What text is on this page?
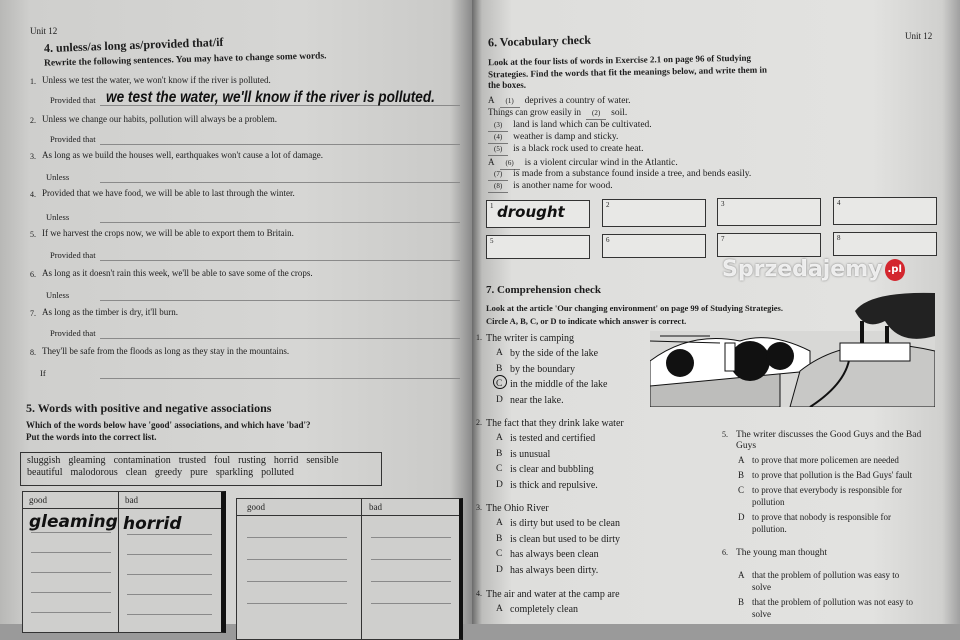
Unit 12
4. unless/as long as/provided that/if
Rewrite the following sentences. You may have to change some words.
1. Unless we test the water, we won't know if the river is polluted.
Provided that we test the water, we'll know if the river is polluted.
2. Unless we change our habits, pollution will always be a problem.
Provided that
3. As long as we build the houses well, earthquakes won't cause a lot of damage.
Unless
4. Provided that we have food, we will be able to last through the winter.
Unless
5. If we harvest the crops now, we will be able to export them to Britain.
Provided that
6. As long as it doesn't rain this week, we'll be able to save some of the crops.
Unless
7. As long as the timber is dry, it'll burn.
Provided that
8. They'll be safe from the floods as long as they stay in the mountains.
If
5. Words with positive and negative associations
Which of the words below have 'good' associations, and which have 'bad'?
Put the words into the correct list.
sluggish gleaming contamination trusted foul rusting horrid sensible
beautiful malodorous clean greedy pure sparkling polluted
good	bad
gleaming horrid
good	bad
Unit 12
6. Vocabulary check
Look at the four lists of words in Exercise 2.1 on page 96 of Studying
Strategies. Find the words that fit the meanings below, and write them in
the boxes.
A	(1)	deprives a country of water.
Things can grow easily in	(2)	soil.
(3)	land is land which can be cultivated.
(4)	weather is damp and sticky.
(5)	is a black rock used to create heat.
A	(6)	is a violent circular wind in the Atlantic.
(7)	is made from a substance found inside a tree, and bends easily.
(8)	is another name for wood.
1 drought	2	3	4
5	6	7	8
Sprzedajemy .pl
7. Comprehension check
Look at the article 'Our changing environment' on page 99 of Studying Strategies.
Circle A, B, C, or D to indicate which answer is correct.
1. The writer is camping
A by the side of the lake
B by the boundary
C in the middle of the lake
D near the lake.
2. The fact that they drink lake water
A is tested and certified
B is unusual
C is clear and bubbling
D is thick and repulsive.
3. The Ohio River
A is dirty but used to be clean
B is clean but used to be dirty
C has always been clean
D has always been dirty.
4. The air and water at the camp are
A completely clean
5. The writer discusses the Good Guys and the Bad
Guys
A to prove that more policemen are needed
B to prove that pollution is the Bad Guys' fault
C to prove that everybody is responsible for
pollution
D to prove that nobody is responsible for
pollution.
6. The young man thought
A that the problem of pollution was easy to
solve
B that the problem of pollution was not easy to
solve
